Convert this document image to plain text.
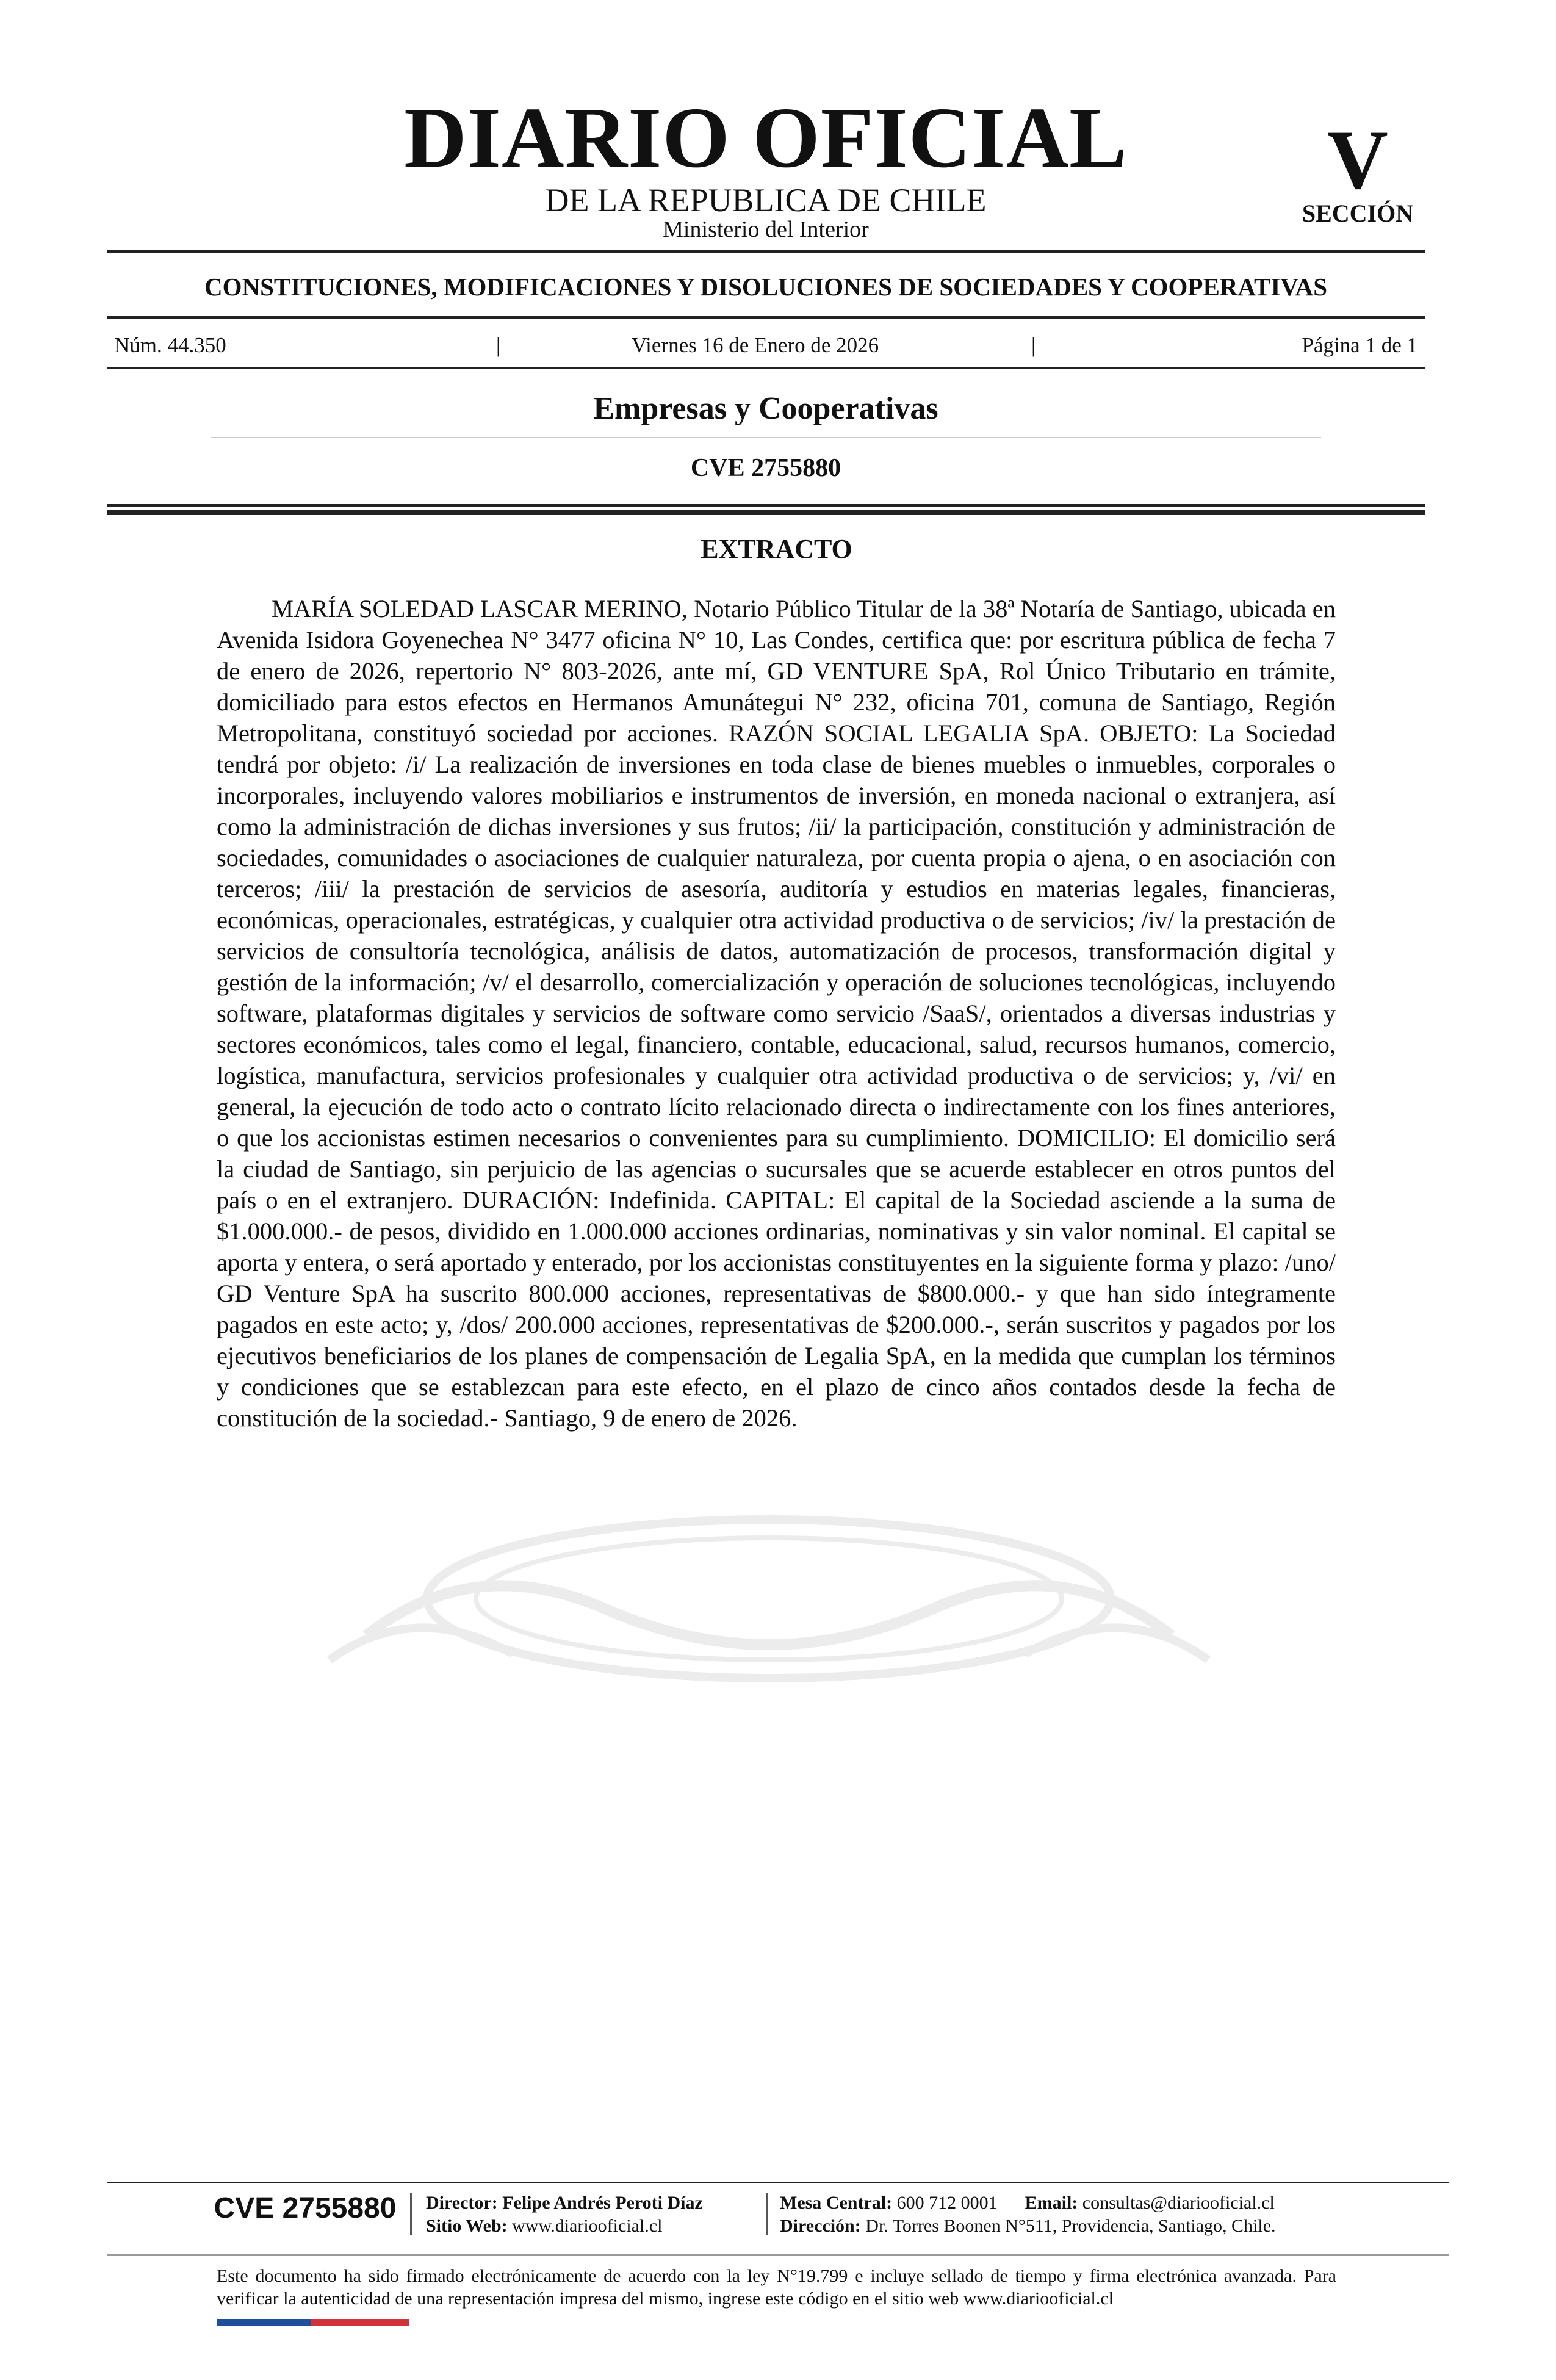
DIARIO OFICIAL
DE LA REPUBLICA DE CHILE
Ministerio del Interior
V
SECCIÓN
CONSTITUCIONES, MODIFICACIONES Y DISOLUCIONES DE SOCIEDADES Y COOPERATIVAS
Núm. 44.350	|	Viernes 16 de Enero de 2026	|	Página 1 de 1
Empresas y Cooperativas
CVE 2755880
EXTRACTO

MARÍA SOLEDAD LASCAR MERINO, Notario Público Titular de la 38ª Notaría de Santiago, ubicada en Avenida Isidora Goyenechea N° 3477 oficina N° 10, Las Condes, certifica que: por escritura pública de fecha 7 de enero de 2026, repertorio N° 803-2026, ante mí, GD VENTURE SpA, Rol Único Tributario en trámite, domiciliado para estos efectos en Hermanos Amunátegui N° 232, oficina 701, comuna de Santiago, Región Metropolitana, constituyó sociedad por acciones. RAZÓN SOCIAL LEGALIA SpA. OBJETO: La Sociedad tendrá por objeto: /i/ La realización de inversiones en toda clase de bienes muebles o inmuebles, corporales o incorporales, incluyendo valores mobiliarios e instrumentos de inversión, en moneda nacional o extranjera, así como la administración de dichas inversiones y sus frutos; /ii/ la participación, constitución y administración de sociedades, comunidades o asociaciones de cualquier naturaleza, por cuenta propia o ajena, o en asociación con terceros; /iii/ la prestación de servicios de asesoría, auditoría y estudios en materias legales, financieras, económicas, operacionales, estratégicas, y cualquier otra actividad productiva o de servicios; /iv/ la prestación de servicios de consultoría tecnológica, análisis de datos, automatización de procesos, transformación digital y gestión de la información; /v/ el desarrollo, comercialización y operación de soluciones tecnológicas, incluyendo software, plataformas digitales y servicios de software como servicio /SaaS/, orientados a diversas industrias y sectores económicos, tales como el legal, financiero, contable, educacional, salud, recursos humanos, comercio, logística, manufactura, servicios profesionales y cualquier otra actividad productiva o de servicios; y, /vi/ en general, la ejecución de todo acto o contrato lícito relacionado directa o indirectamente con los fines anteriores, o que los accionistas estimen necesarios o convenientes para su cumplimiento. DOMICILIO: El domicilio será la ciudad de Santiago, sin perjuicio de las agencias o sucursales que se acuerde establecer en otros puntos del país o en el extranjero. DURACIÓN: Indefinida. CAPITAL: El capital de la Sociedad asciende a la suma de $1.000.000.- de pesos, dividido en 1.000.000 acciones ordinarias, nominativas y sin valor nominal. El capital se aporta y entera, o será aportado y enterado, por los accionistas constituyentes en la siguiente forma y plazo: /uno/ GD Venture SpA ha suscrito 800.000 acciones, representativas de $800.000.- y que han sido íntegramente pagados en este acto; y, /dos/ 200.000 acciones, representativas de $200.000.-, serán suscritos y pagados por los ejecutivos beneficiarios de los planes de compensación de Legalia SpA, en la medida que cumplan los términos y condiciones que se establezcan para este efecto, en el plazo de cinco años contados desde la fecha de constitución de la sociedad.- Santiago, 9 de enero de 2026.

CVE 2755880	Director: Felipe Andrés Peroti Díaz
Sitio Web: www.diariooficial.cl
Mesa Central: 600 712 0001 Email: consultas@diariooficial.cl
Dirección: Dr. Torres Boonen N°511, Providencia, Santiago, Chile.

Este documento ha sido firmado electrónicamente de acuerdo con la ley N°19.799 e incluye sellado de tiempo y firma electrónica avanzada. Para verificar la autenticidad de una representación impresa del mismo, ingrese este código en el sitio web www.diariooficial.cl
